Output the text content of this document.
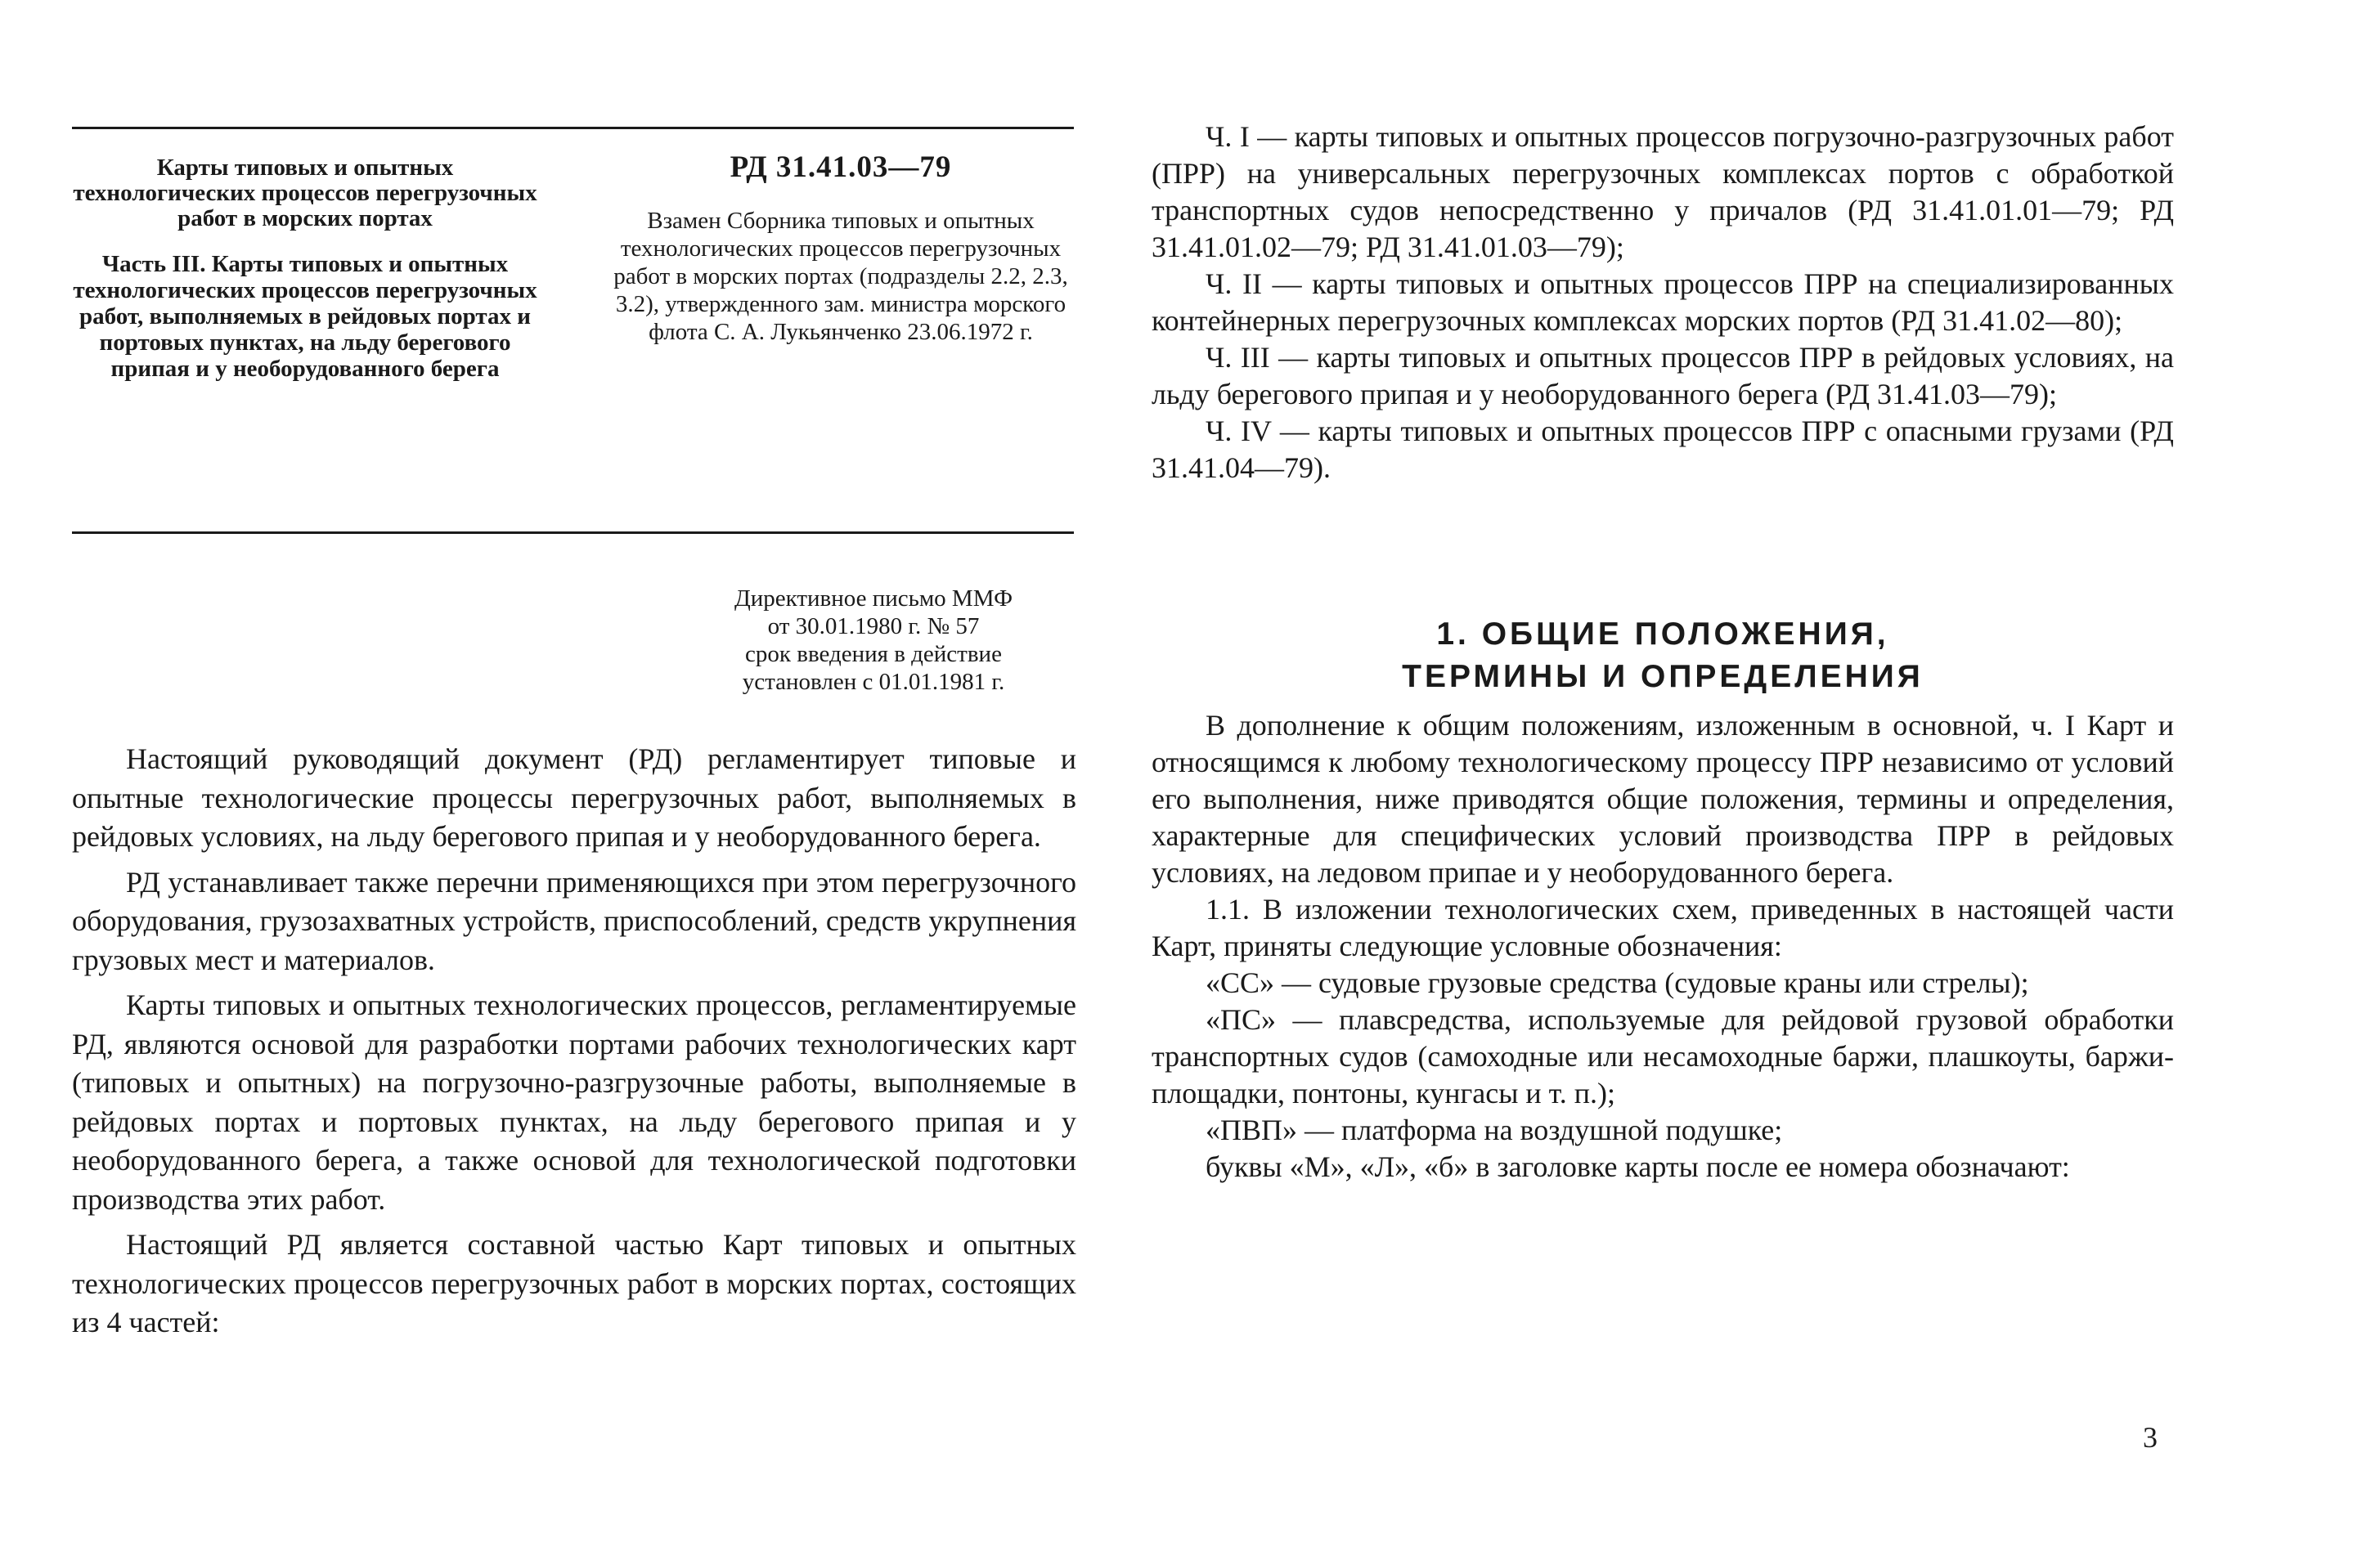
Карты типовых и опытных технологических процессов перегрузочных работ в морских портах

Часть III. Карты типовых и опытных технологических процессов перегрузочных работ, выполняемых в рейдовых портах и портовых пунктах, на льду берегового припая и у необорудованного берега

РД 31.41.03—79

Взамен Сборника типовых и опытных технологических процессов перегрузочных работ в морских портах (подразделы 2.2, 2.3, 3.2), утвержденного зам. министра морского флота С. А. Лукьянченко 23.06.1972 г.

Директивное письмо ММФ

от 30.01.1980 г. № 57

срок введения в действие

установлен с 01.01.1981 г.

Настоящий руководящий документ (РД) регламентирует типовые и опытные технологические процессы перегрузочных работ, выполняемых в рейдовых условиях, на льду берегового припая и у необорудованного берега.

РД устанавливает также перечни применяющихся при этом перегрузочного оборудования, грузозахватных устройств, приспособлений, средств укрупнения грузовых мест и материалов.

Карты типовых и опытных технологических процессов, регламентируемые РД, являются основой для разработки портами рабочих технологических карт (типовых и опытных) на погрузочно-разгрузочные работы, выполняемые в рейдовых портах и портовых пунктах, на льду берегового припая и у необорудованного берега, а также основой для технологической подготовки производства этих работ.

Настоящий РД является составной частью Карт типовых и опытных технологических процессов перегрузочных работ в морских портах, состоящих из 4 частей:

Ч. I — карты типовых и опытных процессов погрузочно-разгрузочных работ (ПРР) на универсальных перегрузочных комплексах портов с обработкой транспортных судов непосредственно у причалов (РД 31.41.01.01—79; РД 31.41.01.02—79; РД 31.41.01.03—79);

Ч. II — карты типовых и опытных процессов ПРР на специализированных контейнерных перегрузочных комплексах морских портов (РД 31.41.02—80);

Ч. III — карты типовых и опытных процессов ПРР в рейдовых условиях, на льду берегового припая и у необорудованного берега (РД 31.41.03—79);

Ч. IV — карты типовых и опытных процессов ПРР с опасными грузами (РД 31.41.04—79).

1. ОБЩИЕ ПОЛОЖЕНИЯ,
ТЕРМИНЫ И ОПРЕДЕЛЕНИЯ

В дополнение к общим положениям, изложенным в основной, ч. I Карт и относящимся к любому технологическому процессу ПРР независимо от условий его выполнения, ниже приводятся общие положения, термины и определения, характерные для специфических условий производства ПРР в рейдовых условиях, на ледовом припае и у необорудованного берега.

1.1. В изложении технологических схем, приведенных в настоящей части Карт, приняты следующие условные обозначения:

«СС» — судовые грузовые средства (судовые краны или стрелы);

«ПС» — плавсредства, используемые для рейдовой грузовой обработки транспортных судов (самоходные или несамоходные баржи, плашкоуты, баржи-площадки, понтоны, кунгасы и т. п.);

«ПВП» — платформа на воздушной подушке;

буквы «М», «Л», «б» в заголовке карты после ее номера обозначают:

3
